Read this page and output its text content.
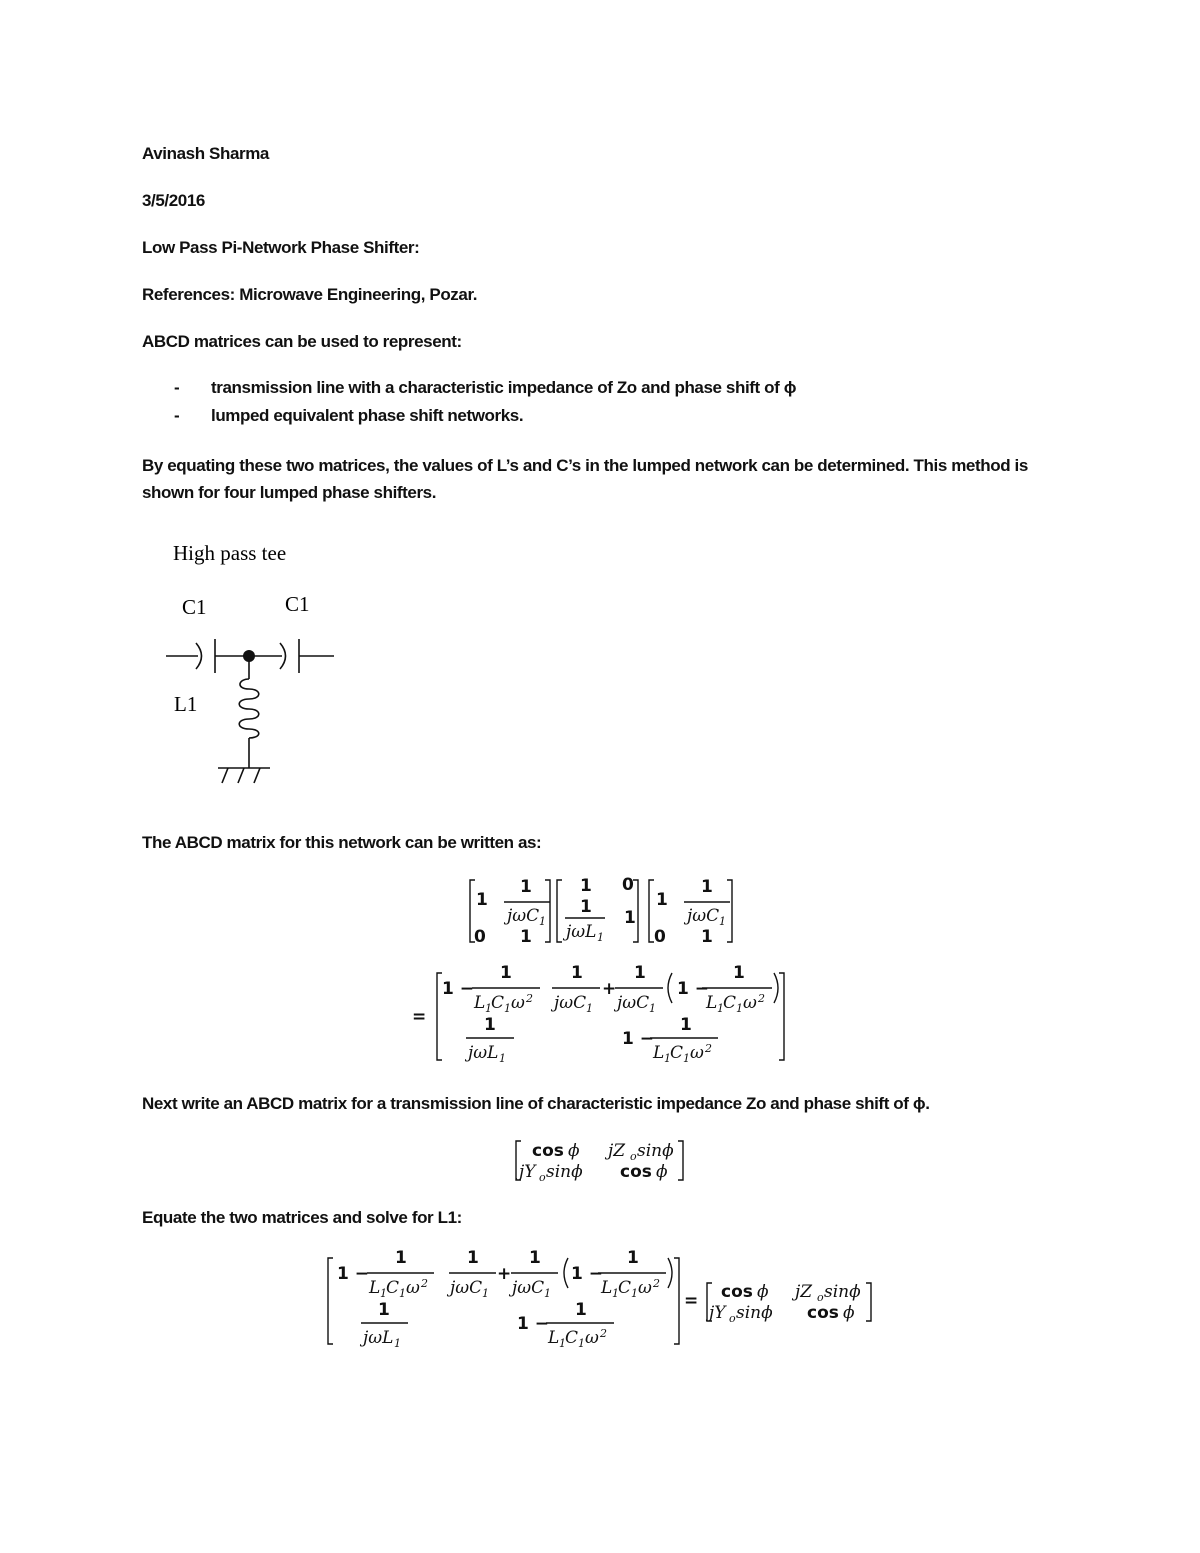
Avinash Sharma
3/5/2016
Low Pass Pi-Network Phase Shifter:
References: Microwave Engineering, Pozar.
ABCD matrices can be used to represent:
- transmission line with a characteristic impedance of Zo and phase shift of ϕ
- lumped equivalent phase shift networks.
By equating these two matrices, the values of L’s and C’s in the lumped network can be determined. This method is shown for four lumped phase shifters.
The ABCD matrix for this network can be written as:
Next write an ABCD matrix for a transmission line of characteristic impedance Zo and phase shift of ϕ.
Equate the two matrices and solve for L1:
High pass tee
C1	C1
L1
1
1
jωC 1
0 1
1 0
1
jωL 1
1
1
1
jωC 1
0 1
=
1 −
1
L 1 C 1 ω 2
1
jωC 1
+
1
jωC 1
1 −
1
L 1 C 1 ω 2
1
jωL 1
1 −
1
L 1 C 1 ω 2
cos ϕ jZ o sinϕ
jY o sinϕ cos ϕ
1 −
1
L 1 C 1 ω 2
1
jωC 1
+
1
jωC 1
1 −
1
L 1 C 1 ω 2
1
jωL 1
1 −
1
L 1 C 1 ω 2
= cos ϕ jZ o sinϕ
jY o sinϕ cos ϕ
